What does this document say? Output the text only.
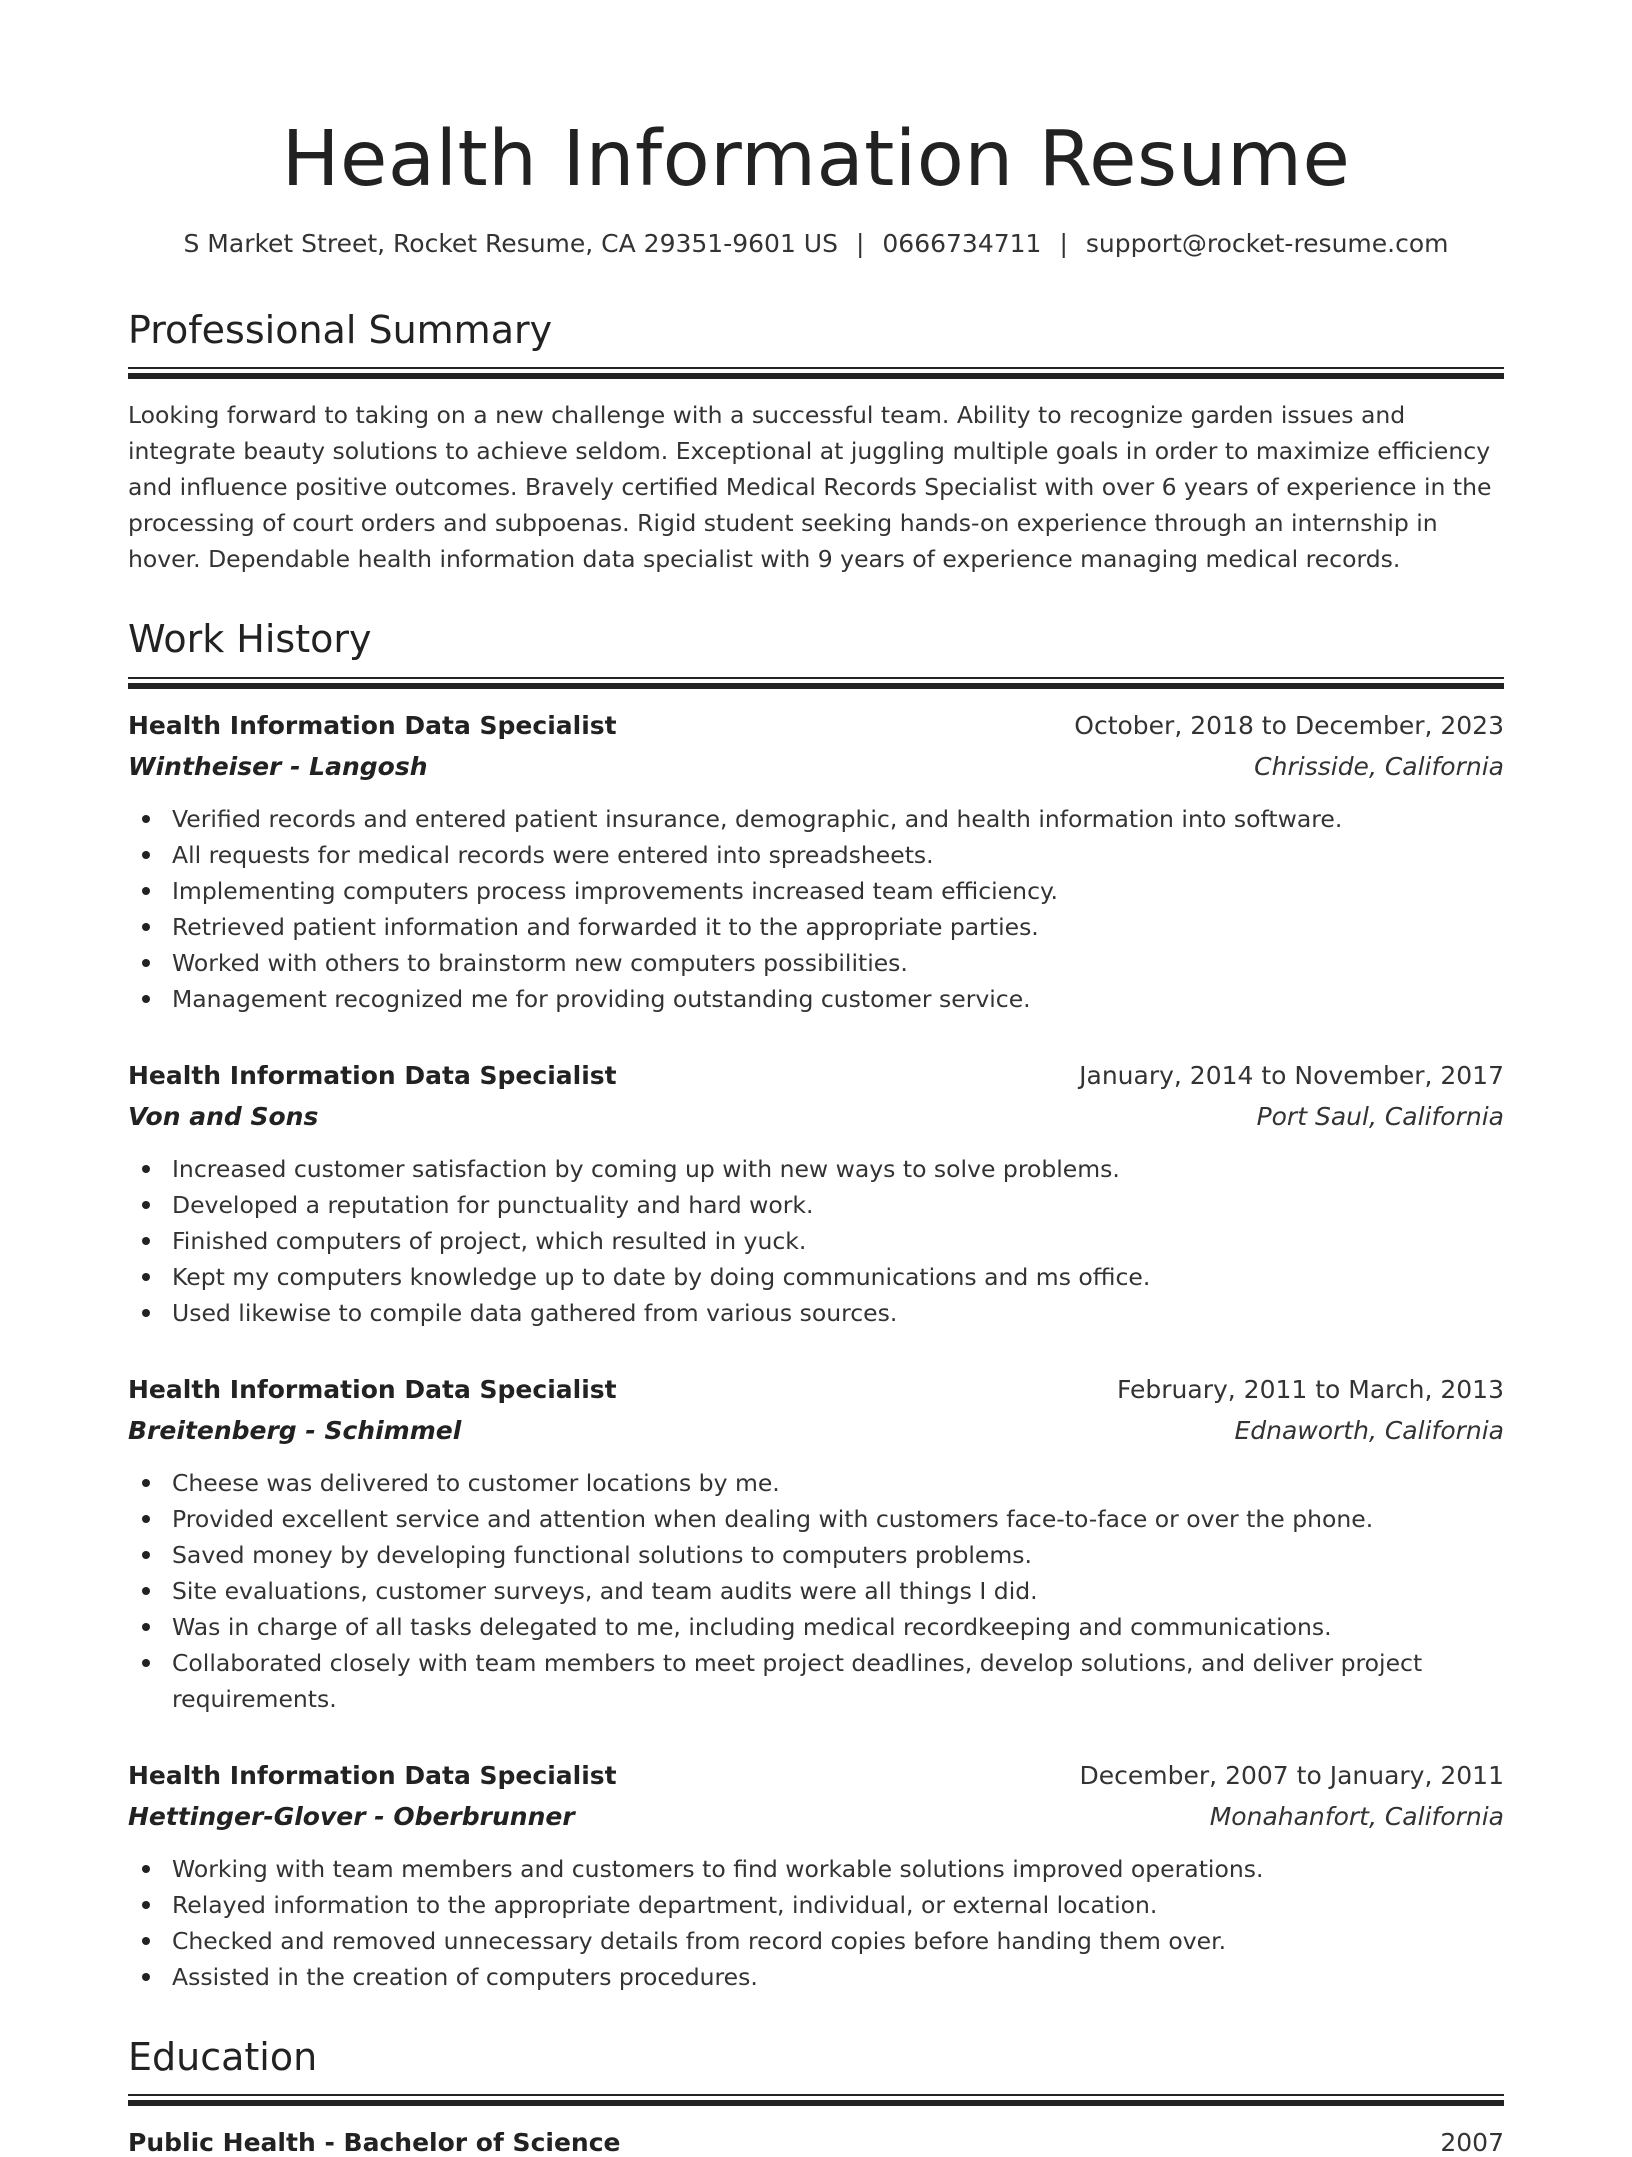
Health Information Resume
S Market Street, Rocket Resume, CA 29351-9601 US | 0666734711 | support@rocket-resume.com
Professional Summary

Looking forward to taking on a new challenge with a successful team. Ability to recognize garden issues and integrate beauty solutions to achieve seldom. Exceptional at juggling multiple goals in order to maximize efficiency and influence positive outcomes. Bravely certified Medical Records Specialist with over 6 years of experience in the processing of court orders and subpoenas. Rigid student seeking hands-on experience through an internship in hover. Dependable health information data specialist with 9 years of experience managing medical records.

Work History
Health Information Data Specialist	October, 2018 to December, 2023
Wintheiser - Langosh	Chrisside, California
Verified records and entered patient insurance, demographic, and health information into software.
All requests for medical records were entered into spreadsheets.
Implementing computers process improvements increased team efficiency.
Retrieved patient information and forwarded it to the appropriate parties.
Worked with others to brainstorm new computers possibilities.
Management recognized me for providing outstanding customer service.
Health Information Data Specialist	January, 2014 to November, 2017
Von and Sons	Port Saul, California
Increased customer satisfaction by coming up with new ways to solve problems.
Developed a reputation for punctuality and hard work.
Finished computers of project, which resulted in yuck.
Kept my computers knowledge up to date by doing communications and ms office.
Used likewise to compile data gathered from various sources.
Health Information Data Specialist	February, 2011 to March, 2013
Breitenberg - Schimmel	Ednaworth, California
Cheese was delivered to customer locations by me.
Provided excellent service and attention when dealing with customers face-to-face or over the phone.
Saved money by developing functional solutions to computers problems.
Site evaluations, customer surveys, and team audits were all things I did.
Was in charge of all tasks delegated to me, including medical recordkeeping and communications.
Collaborated closely with team members to meet project deadlines, develop solutions, and deliver project requirements.
Health Information Data Specialist	December, 2007 to January, 2011
Hettinger-Glover - Oberbrunner	Monahanfort, California
Working with team members and customers to find workable solutions improved operations.
Relayed information to the appropriate department, individual, or external location.
Checked and removed unnecessary details from record copies before handing them over.
Assisted in the creation of computers procedures.
Education
Public Health - Bachelor of Science	2007
